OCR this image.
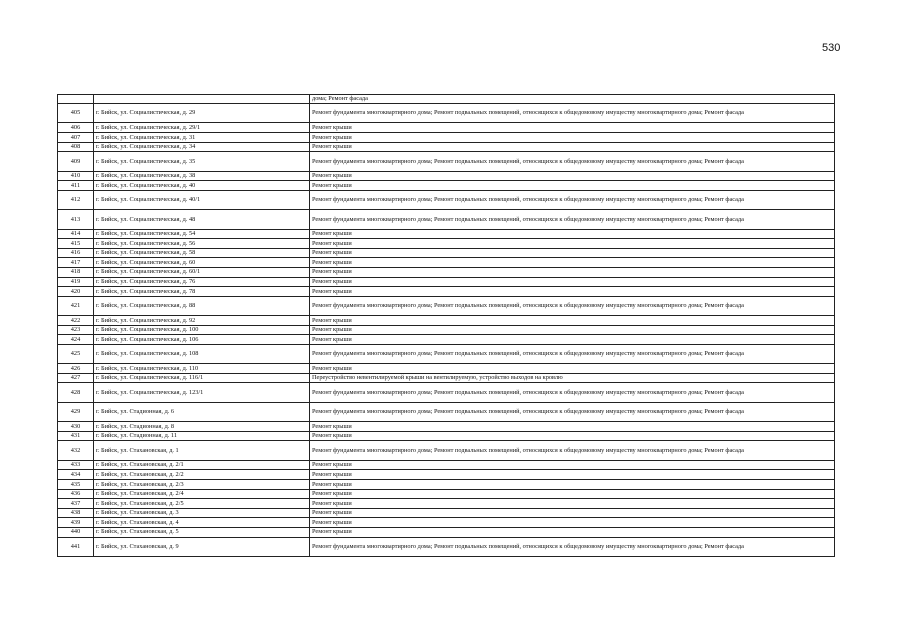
530
		дома; Ремонт фасада
405	г. Бийск, ул. Социалистическая, д. 29	Ремонт фундамента многоквартирного дома; Ремонт подвальных помещений, относящихся к общедомовому имуществу многоквартирного дома; Ремонт фасада
406	г. Бийск, ул. Социалистическая, д. 29/1	Ремонт крыши
407	г. Бийск, ул. Социалистическая, д. 31	Ремонт крыши
408	г. Бийск, ул. Социалистическая, д. 34	Ремонт крыши
409	г. Бийск, ул. Социалистическая, д. 35	Ремонт фундамента многоквартирного дома; Ремонт подвальных помещений, относящихся к общедомовому имуществу многоквартирного дома; Ремонт фасада
410	г. Бийск, ул. Социалистическая, д. 38	Ремонт крыши
411	г. Бийск, ул. Социалистическая, д. 40	Ремонт крыши
412	г. Бийск, ул. Социалистическая, д. 40/1	Ремонт фундамента многоквартирного дома; Ремонт подвальных помещений, относящихся к общедомовому имуществу многоквартирного дома; Ремонт фасада
413	г. Бийск, ул. Социалистическая, д. 48	Ремонт фундамента многоквартирного дома; Ремонт подвальных помещений, относящихся к общедомовому имуществу многоквартирного дома; Ремонт фасада
414	г. Бийск, ул. Социалистическая, д. 54	Ремонт крыши
415	г. Бийск, ул. Социалистическая, д. 56	Ремонт крыши
416	г. Бийск, ул. Социалистическая, д. 58	Ремонт крыши
417	г. Бийск, ул. Социалистическая, д. 60	Ремонт крыши
418	г. Бийск, ул. Социалистическая, д. 60/1	Ремонт крыши
419	г. Бийск, ул. Социалистическая, д. 76	Ремонт крыши
420	г. Бийск, ул. Социалистическая, д. 78	Ремонт крыши
421	г. Бийск, ул. Социалистическая, д. 88	Ремонт фундамента многоквартирного дома; Ремонт подвальных помещений, относящихся к общедомовому имуществу многоквартирного дома; Ремонт фасада
422	г. Бийск, ул. Социалистическая, д. 92	Ремонт крыши
423	г. Бийск, ул. Социалистическая, д. 100	Ремонт крыши
424	г. Бийск, ул. Социалистическая, д. 106	Ремонт крыши
425	г. Бийск, ул. Социалистическая, д. 108	Ремонт фундамента многоквартирного дома; Ремонт подвальных помещений, относящихся к общедомовому имуществу многоквартирного дома; Ремонт фасада
426	г. Бийск, ул. Социалистическая, д. 110	Ремонт крыши
427	г. Бийск, ул. Социалистическая, д. 116/1	Переустройство невентилируемой крыши на вентилируемую, устройство выходов на кровлю
428	г. Бийск, ул. Социалистическая, д. 123/1	Ремонт фундамента многоквартирного дома; Ремонт подвальных помещений, относящихся к общедомовому имуществу многоквартирного дома; Ремонт фасада
429	г. Бийск, ул. Стадионная, д. 6	Ремонт фундамента многоквартирного дома; Ремонт подвальных помещений, относящихся к общедомовому имуществу многоквартирного дома; Ремонт фасада
430	г. Бийск, ул. Стадионная, д. 8	Ремонт крыши
431	г. Бийск, ул. Стадионная, д. 11	Ремонт крыши
432	г. Бийск, ул. Стахановская, д. 1	Ремонт фундамента многоквартирного дома; Ремонт подвальных помещений, относящихся к общедомовому имуществу многоквартирного дома; Ремонт фасада
433	г. Бийск, ул. Стахановская, д. 2/1	Ремонт крыши
434	г. Бийск, ул. Стахановская, д. 2/2	Ремонт крыши
435	г. Бийск, ул. Стахановская, д. 2/3	Ремонт крыши
436	г. Бийск, ул. Стахановская, д. 2/4	Ремонт крыши
437	г. Бийск, ул. Стахановская, д. 2/5	Ремонт крыши
438	г. Бийск, ул. Стахановская, д. 3	Ремонт крыши
439	г. Бийск, ул. Стахановская, д. 4	Ремонт крыши
440	г. Бийск, ул. Стахановская, д. 5	Ремонт крыши
441	г. Бийск, ул. Стахановская, д. 9	Ремонт фундамента многоквартирного дома; Ремонт подвальных помещений, относящихся к общедомовому имуществу многоквартирного дома; Ремонт фасада
